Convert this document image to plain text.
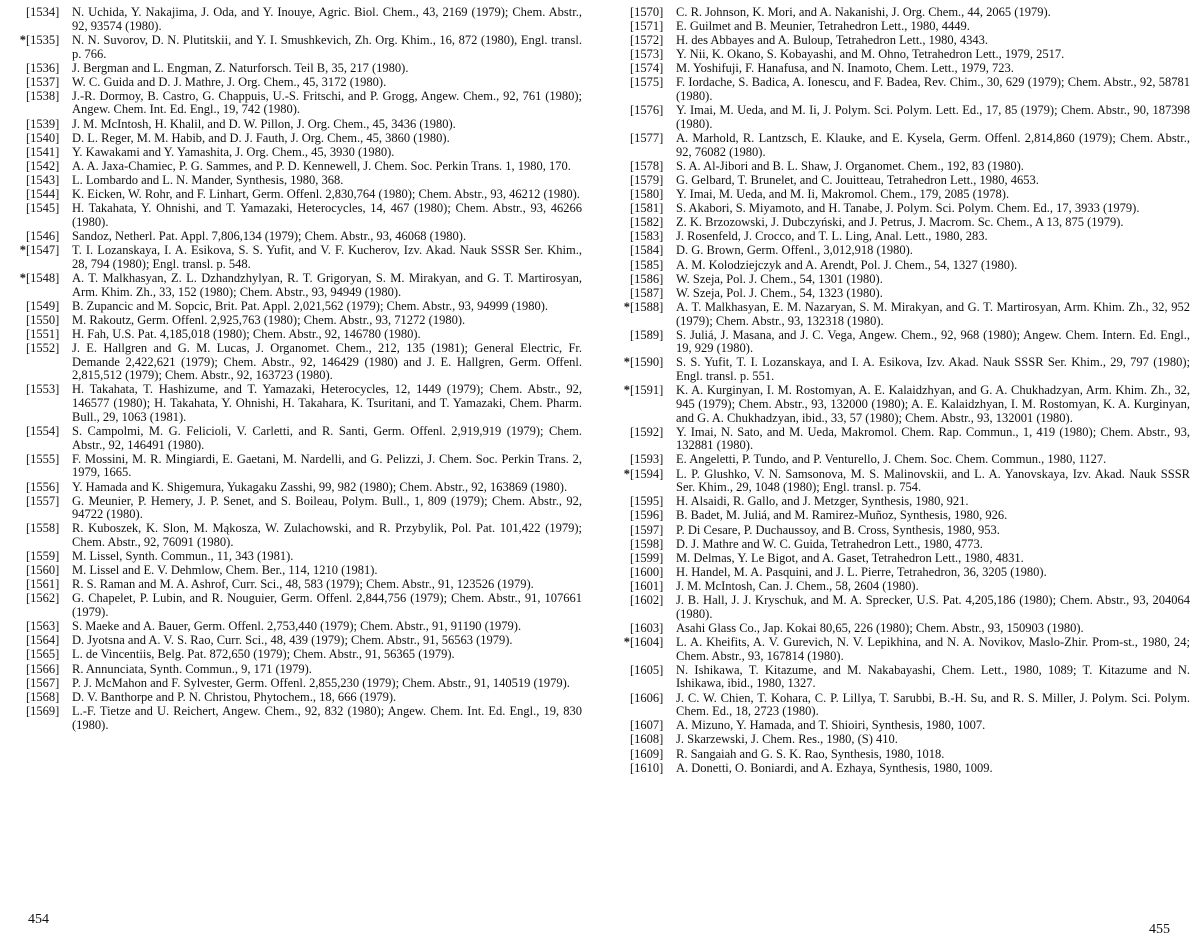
[1534] N. Uchida, Y. Nakajima, J. Oda, and Y. Inouye, Agric. Biol. Chem., 43, 2169 (1979); Chem. Abstr., 92, 93574 (1980).
* [1535] N. N. Suvorov, D. N. Plutitskii, and Y. I. Smushkevich, Zh. Org. Khim., 16, 872 (1980), Engl. transl. p. 766.
[1536] J. Bergman and L. Engman, Z. Naturforsch. Teil B, 35, 217 (1980).
[1537] W. C. Guida and D. J. Mathre, J. Org. Chem., 45, 3172 (1980).
[1538] J.-R. Dormoy, B. Castro, G. Chappuis, U.-S. Fritschi, and P. Grogg, Angew. Chem., 92, 761 (1980); Angew. Chem. Int. Ed. Engl., 19, 742 (1980).
[1539] J. M. McIntosh, H. Khalil, and D. W. Pillon, J. Org. Chem., 45, 3436 (1980).
[1540] D. L. Reger, M. M. Habib, and D. J. Fauth, J. Org. Chem., 45, 3860 (1980).
[1541] Y. Kawakami and Y. Yamashita, J. Org. Chem., 45, 3930 (1980).
[1542] A. A. Jaxa-Chamiec, P. G. Sammes, and P. D. Kennewell, J. Chem. Soc. Perkin Trans. 1, 1980, 170.
[1543] L. Lombardo and L. N. Mander, Synthesis, 1980, 368.
[1544] K. Eicken, W. Rohr, and F. Linhart, Germ. Offenl. 2,830,764 (1980); Chem. Abstr., 93, 46212 (1980).
[1545] H. Takahata, Y. Ohnishi, and T. Yamazaki, Heterocycles, 14, 467 (1980); Chem. Abstr., 93, 46266 (1980).
[1546] Sandoz, Netherl. Pat. Appl. 7,806,134 (1979); Chem. Abstr., 93, 46068 (1980).
* [1547] T. I. Lozanskaya, I. A. Esikova, S. S. Yufit, and V. F. Kucherov, Izv. Akad. Nauk SSSR Ser. Khim., 28, 794 (1980); Engl. transl. p. 548.
* [1548] A. T. Malkhasyan, Z. L. Dzhandzhylyan, R. T. Grigoryan, S. M. Mirakyan, and G. T. Martirosyan, Arm. Khim. Zh., 33, 152 (1980); Chem. Abstr., 93, 94949 (1980).
[1549] B. Zupancic and M. Sopcic, Brit. Pat. Appl. 2,021,562 (1979); Chem. Abstr., 93, 94999 (1980).
[1550] M. Rakoutz, Germ. Offenl. 2,925,763 (1980); Chem. Abstr., 93, 71272 (1980).
[1551] H. Fah, U.S. Pat. 4,185,018 (1980); Chem. Abstr., 92, 146780 (1980).
[1552] J. E. Hallgren and G. M. Lucas, J. Organomet. Chem., 212, 135 (1981); General Electric, Fr. Demande 2,422,621 (1979); Chem. Abstr., 92, 146429 (1980) and J. E. Hallgren, Germ. Offenl. 2,815,512 (1979); Chem. Abstr., 92, 163723 (1980).
[1553] H. Takahata, T. Hashizume, and T. Yamazaki, Heterocycles, 12, 1449 (1979); Chem. Abstr., 92, 146577 (1980); H. Takahata, Y. Ohnishi, H. Takahara, K. Tsuritani, and T. Yamazaki, Chem. Pharm. Bull., 29, 1063 (1981).
[1554] S. Campolmi, M. G. Felicioli, V. Carletti, and R. Santi, Germ. Offenl. 2,919,919 (1979); Chem. Abstr., 92, 146491 (1980).
[1555] F. Mossini, M. R. Mingiardi, E. Gaetani, M. Nardelli, and G. Pelizzi, J. Chem. Soc. Perkin Trans. 2, 1979, 1665.
[1556] Y. Hamada and K. Shigemura, Yukagaku Zasshi, 99, 982 (1980); Chem. Abstr., 92, 163869 (1980).
[1557] G. Meunier, P. Hemery, J. P. Senet, and S. Boileau, Polym. Bull., 1, 809 (1979); Chem. Abstr., 92, 94722 (1980).
[1558] R. Kuboszek, K. Slon, M. Mąkosza, W. Zulachowski, and R. Przybylik, Pol. Pat. 101,422 (1979); Chem. Abstr., 92, 76091 (1980).
[1559] M. Lissel, Synth. Commun., 11, 343 (1981).
[1560] M. Lissel and E. V. Dehmlow, Chem. Ber., 114, 1210 (1981).
[1561] R. S. Raman and M. A. Ashrof, Curr. Sci., 48, 583 (1979); Chem. Abstr., 91, 123526 (1979).
[1562] G. Chapelet, P. Lubin, and R. Nouguier, Germ. Offenl. 2,844,756 (1979); Chem. Abstr., 91, 107661 (1979).
[1563] S. Maeke and A. Bauer, Germ. Offenl. 2,753,440 (1979); Chem. Abstr., 91, 91190 (1979).
[1564] D. Jyotsna and A. V. S. Rao, Curr. Sci., 48, 439 (1979); Chem. Abstr., 91, 56563 (1979).
[1565] L. de Vincentiis, Belg. Pat. 872,650 (1979); Chem. Abstr., 91, 56365 (1979).
[1566] R. Annunciata, Synth. Commun., 9, 171 (1979).
[1567] P. J. McMahon and F. Sylvester, Germ. Offenl. 2,855,230 (1979); Chem. Abstr., 91, 140519 (1979).
[1568] D. V. Banthorpe and P. N. Christou, Phytochem., 18, 666 (1979).
[1569] L.-F. Tietze and U. Reichert, Angew. Chem., 92, 832 (1980); Angew. Chem. Int. Ed. Engl., 19, 830 (1980).
454
[1570] C. R. Johnson, K. Mori, and A. Nakanishi, J. Org. Chem., 44, 2065 (1979).
[1571] E. Guilmet and B. Meunier, Tetrahedron Lett., 1980, 4449.
[1572] H. des Abbayes and A. Buloup, Tetrahedron Lett., 1980, 4343.
[1573] Y. Nii, K. Okano, S. Kobayashi, and M. Ohno, Tetrahedron Lett., 1979, 2517.
[1574] M. Yoshifuji, F. Hanafusa, and N. Inamoto, Chem. Lett., 1979, 723.
[1575] F. Iordache, S. Badica, A. Ionescu, and F. Badea, Rev. Chim., 30, 629 (1979); Chem. Abstr., 92, 58781 (1980).
[1576] Y. Imai, M. Ueda, and M. Ii, J. Polym. Sci. Polym. Lett. Ed., 17, 85 (1979); Chem. Abstr., 90, 187398 (1980).
[1577] A. Marhold, R. Lantzsch, E. Klauke, and E. Kysela, Germ. Offenl. 2,814,860 (1979); Chem. Abstr., 92, 76082 (1980).
[1578] S. A. Al-Jibori and B. L. Shaw, J. Organomet. Chem., 192, 83 (1980).
[1579] G. Gelbard, T. Brunelet, and C. Jouitteau, Tetrahedron Lett., 1980, 4653.
[1580] Y. Imai, M. Ueda, and M. Ii, Makromol. Chem., 179, 2085 (1978).
[1581] S. Akabori, S. Miyamoto, and H. Tanabe, J. Polym. Sci. Polym. Chem. Ed., 17, 3933 (1979).
[1582] Z. K. Brzozowski, J. Dubczyński, and J. Petrus, J. Macrom. Sc. Chem., A 13, 875 (1979).
[1583] J. Rosenfeld, J. Crocco, and T. L. Ling, Anal. Lett., 1980, 283.
[1584] D. G. Brown, Germ. Offenl., 3,012,918 (1980).
[1585] A. M. Kolodziejczyk and A. Arendt, Pol. J. Chem., 54, 1327 (1980).
[1586] W. Szeja, Pol. J. Chem., 54, 1301 (1980).
[1587] W. Szeja, Pol. J. Chem., 54, 1323 (1980).
* [1588] A. T. Malkhasyan, E. M. Nazaryan, S. M. Mirakyan, and G. T. Martirosyan, Arm. Khim. Zh., 32, 952 (1979); Chem. Abstr., 93, 132318 (1980).
[1589] S. Juliá, J. Masana, and J. C. Vega, Angew. Chem., 92, 968 (1980); Angew. Chem. Intern. Ed. Engl., 19, 929 (1980).
* [1590] S. S. Yufit, T. I. Lozanskaya, and I. A. Esikova, Izv. Akad. Nauk SSSR Ser. Khim., 29, 797 (1980); Engl. transl. p. 551.
* [1591] K. A. Kurginyan, I. M. Rostomyan, A. E. Kalaidzhyan, and G. A. Chukhadzyan, Arm. Khim. Zh., 32, 945 (1979); Chem. Abstr., 93, 132000 (1980); A. E. Kalaidzhyan, I. M. Rostomyan, K. A. Kurginyan, and G. A. Chukhadzyan, ibid., 33, 57 (1980); Chem. Abstr., 93, 132001 (1980).
[1592] Y. Imai, N. Sato, and M. Ueda, Makromol. Chem. Rap. Commun., 1, 419 (1980); Chem. Abstr., 93, 132881 (1980).
[1593] E. Angeletti, P. Tundo, and P. Venturello, J. Chem. Soc. Chem. Commun., 1980, 1127.
* [1594] L. P. Glushko, V. N. Samsonova, M. S. Malinovskii, and L. A. Yanovskaya, Izv. Akad. Nauk SSSR Ser. Khim., 29, 1048 (1980); Engl. transl. p. 754.
[1595] H. Alsaidi, R. Gallo, and J. Metzger, Synthesis, 1980, 921.
[1596] B. Badet, M. Juliá, and M. Ramirez-Muñoz, Synthesis, 1980, 926.
[1597] P. Di Cesare, P. Duchaussoy, and B. Cross, Synthesis, 1980, 953.
[1598] D. J. Mathre and W. C. Guida, Tetrahedron Lett., 1980, 4773.
[1599] M. Delmas, Y. Le Bigot, and A. Gaset, Tetrahedron Lett., 1980, 4831.
[1600] H. Handel, M. A. Pasquini, and J. L. Pierre, Tetrahedron, 36, 3205 (1980).
[1601] J. M. McIntosh, Can. J. Chem., 58, 2604 (1980).
[1602] J. B. Hall, J. J. Kryschuk, and M. A. Sprecker, U.S. Pat. 4,205,186 (1980); Chem. Abstr., 93, 204064 (1980).
[1603] Asahi Glass Co., Jap. Kokai 80,65, 226 (1980); Chem. Abstr., 93, 150903 (1980).
* [1604] L. A. Kheifits, A. V. Gurevich, N. V. Lepikhina, and N. A. Novikov, Maslo-Zhir. Prom-st., 1980, 24; Chem. Abstr., 93, 167814 (1980).
[1605] N. Ishikawa, T. Kitazume, and M. Nakabayashi, Chem. Lett., 1980, 1089; T. Kitazume and N. Ishikawa, ibid., 1980, 1327.
[1606] J. C. W. Chien, T. Kohara, C. P. Lillya, T. Sarubbi, B.-H. Su, and R. S. Miller, J. Polym. Sci. Polym. Chem. Ed., 18, 2723 (1980).
[1607] A. Mizuno, Y. Hamada, and T. Shioiri, Synthesis, 1980, 1007.
[1608] J. Skarzewski, J. Chem. Res., 1980, (S) 410.
[1609] R. Sangaiah and G. S. K. Rao, Synthesis, 1980, 1018.
[1610] A. Donetti, O. Boniardi, and A. Ezhaya, Synthesis, 1980, 1009.
455
